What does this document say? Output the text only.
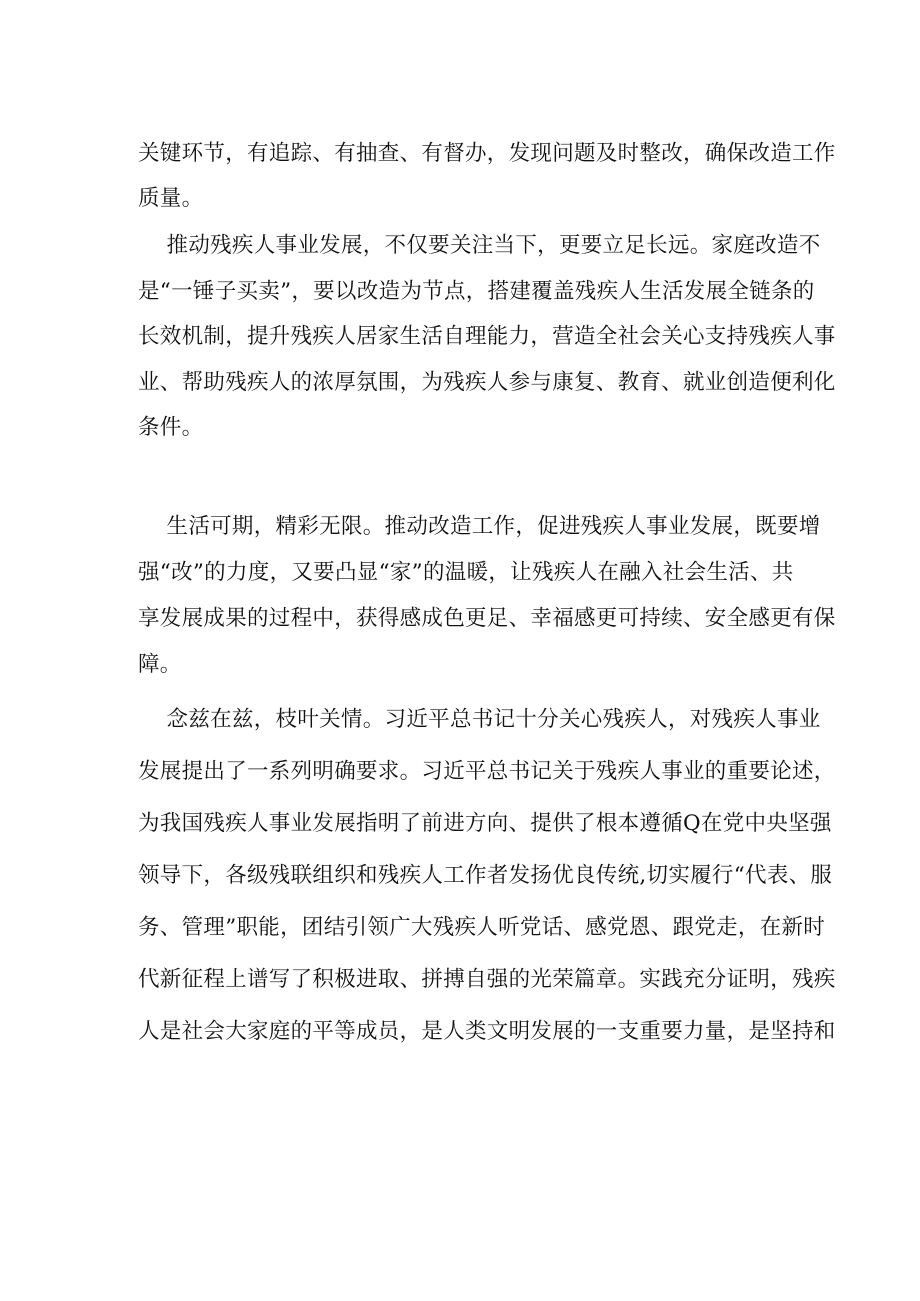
关键环节，有追踪、有抽查、有督办，发现问题及时整改，确保改造工作
质量。
推动残疾人事业发展，不仅要关注当下，更要立足长远。家庭改造不
是“一锤子买卖”，要以改造为节点，搭建覆盖残疾人生活发展全链条的
长效机制，提升残疾人居家生活自理能力，营造全社会关心支持残疾人事
业、帮助残疾人的浓厚氛围，为残疾人参与康复、教育、就业创造便利化
条件。
生活可期，精彩无限。推动改造工作，促进残疾人事业发展，既要增
强“改”的力度，又要凸显“家”的温暖，让残疾人在融入社会生活、共
享发展成果的过程中，获得感成色更足、幸福感更可持续、安全感更有保
障。
念兹在兹，枝叶关情。习近平总书记十分关心残疾人，对残疾人事业
发展提出了一系列明确要求。习近平总书记关于残疾人事业的重要论述，
为我国残疾人事业发展指明了前进方向、提供了根本遵循Q在党中央坚强
领导下，各级残联组织和残疾人工作者发扬优良传统,切实履行“代表、服
务、管理”职能，团结引领广大残疾人听党话、感党恩、跟党走，在新时
代新征程上谱写了积极进取、拼搏自强的光荣篇章。实践充分证明，残疾
人是社会大家庭的平等成员，是人类文明发展的一支重要力量，是坚持和
